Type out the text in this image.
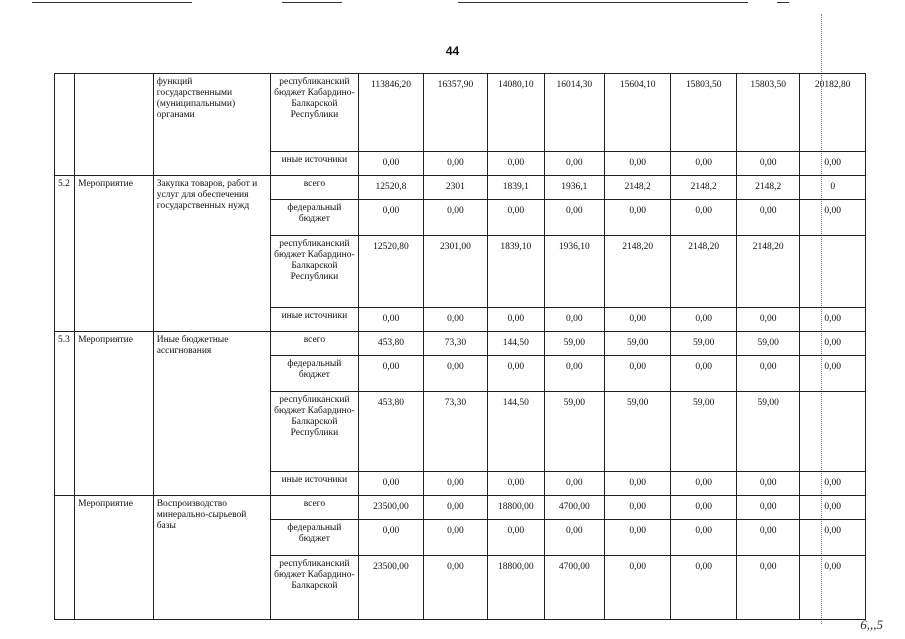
44
		функций государственными (муниципальными) органами	республиканский бюджет Кабардино-Балкарской Республики	113846,20	16357,90	14080,10	16014,30	15604,10	15803,50	15803,50	20182,80
			иные источники	0,00	0,00	0,00	0,00	0,00	0,00	0,00	0,00
5.2	Мероприятие	Закупка товаров, работ и услуг для обеспечения государственных нужд	всего	12520,8	2301	1839,1	1936,1	2148,2	2148,2	2148,2	0
			федеральный бюджет	0,00	0,00	0,00	0,00	0,00	0,00	0,00	0,00
			республиканский бюджет Кабардино-Балкарской Республики	12520,80	2301,00	1839,10	1936,10	2148,20	2148,20	2148,20	
			иные источники	0,00	0,00	0,00	0,00	0,00	0,00	0,00	0,00
5.3	Мероприятие	Иные бюджетные ассигнования	всего	453,80	73,30	144,50	59,00	59,00	59,00	59,00	0,00
			федеральный бюджет	0,00	0,00	0,00	0,00	0,00	0,00	0,00	0,00
			республиканский бюджет Кабардино-Балкарской Республики	453,80	73,30	144,50	59,00	59,00	59,00	59,00	
			иные источники	0,00	0,00	0,00	0,00	0,00	0,00	0,00	0,00
	Мероприятие	Воспроизводство минерально-сырьевой базы	всего	23500,00	0,00	18800,00	4700,00	0,00	0,00	0,00	0,00
			федеральный бюджет	0,00	0,00	0,00	0,00	0,00	0,00	0,00	0,00
			республиканский бюджет Кабардино-Балкарской	23500,00	0,00	18800,00	4700,00	0,00	0,00	0,00	0,00
6,,,5
